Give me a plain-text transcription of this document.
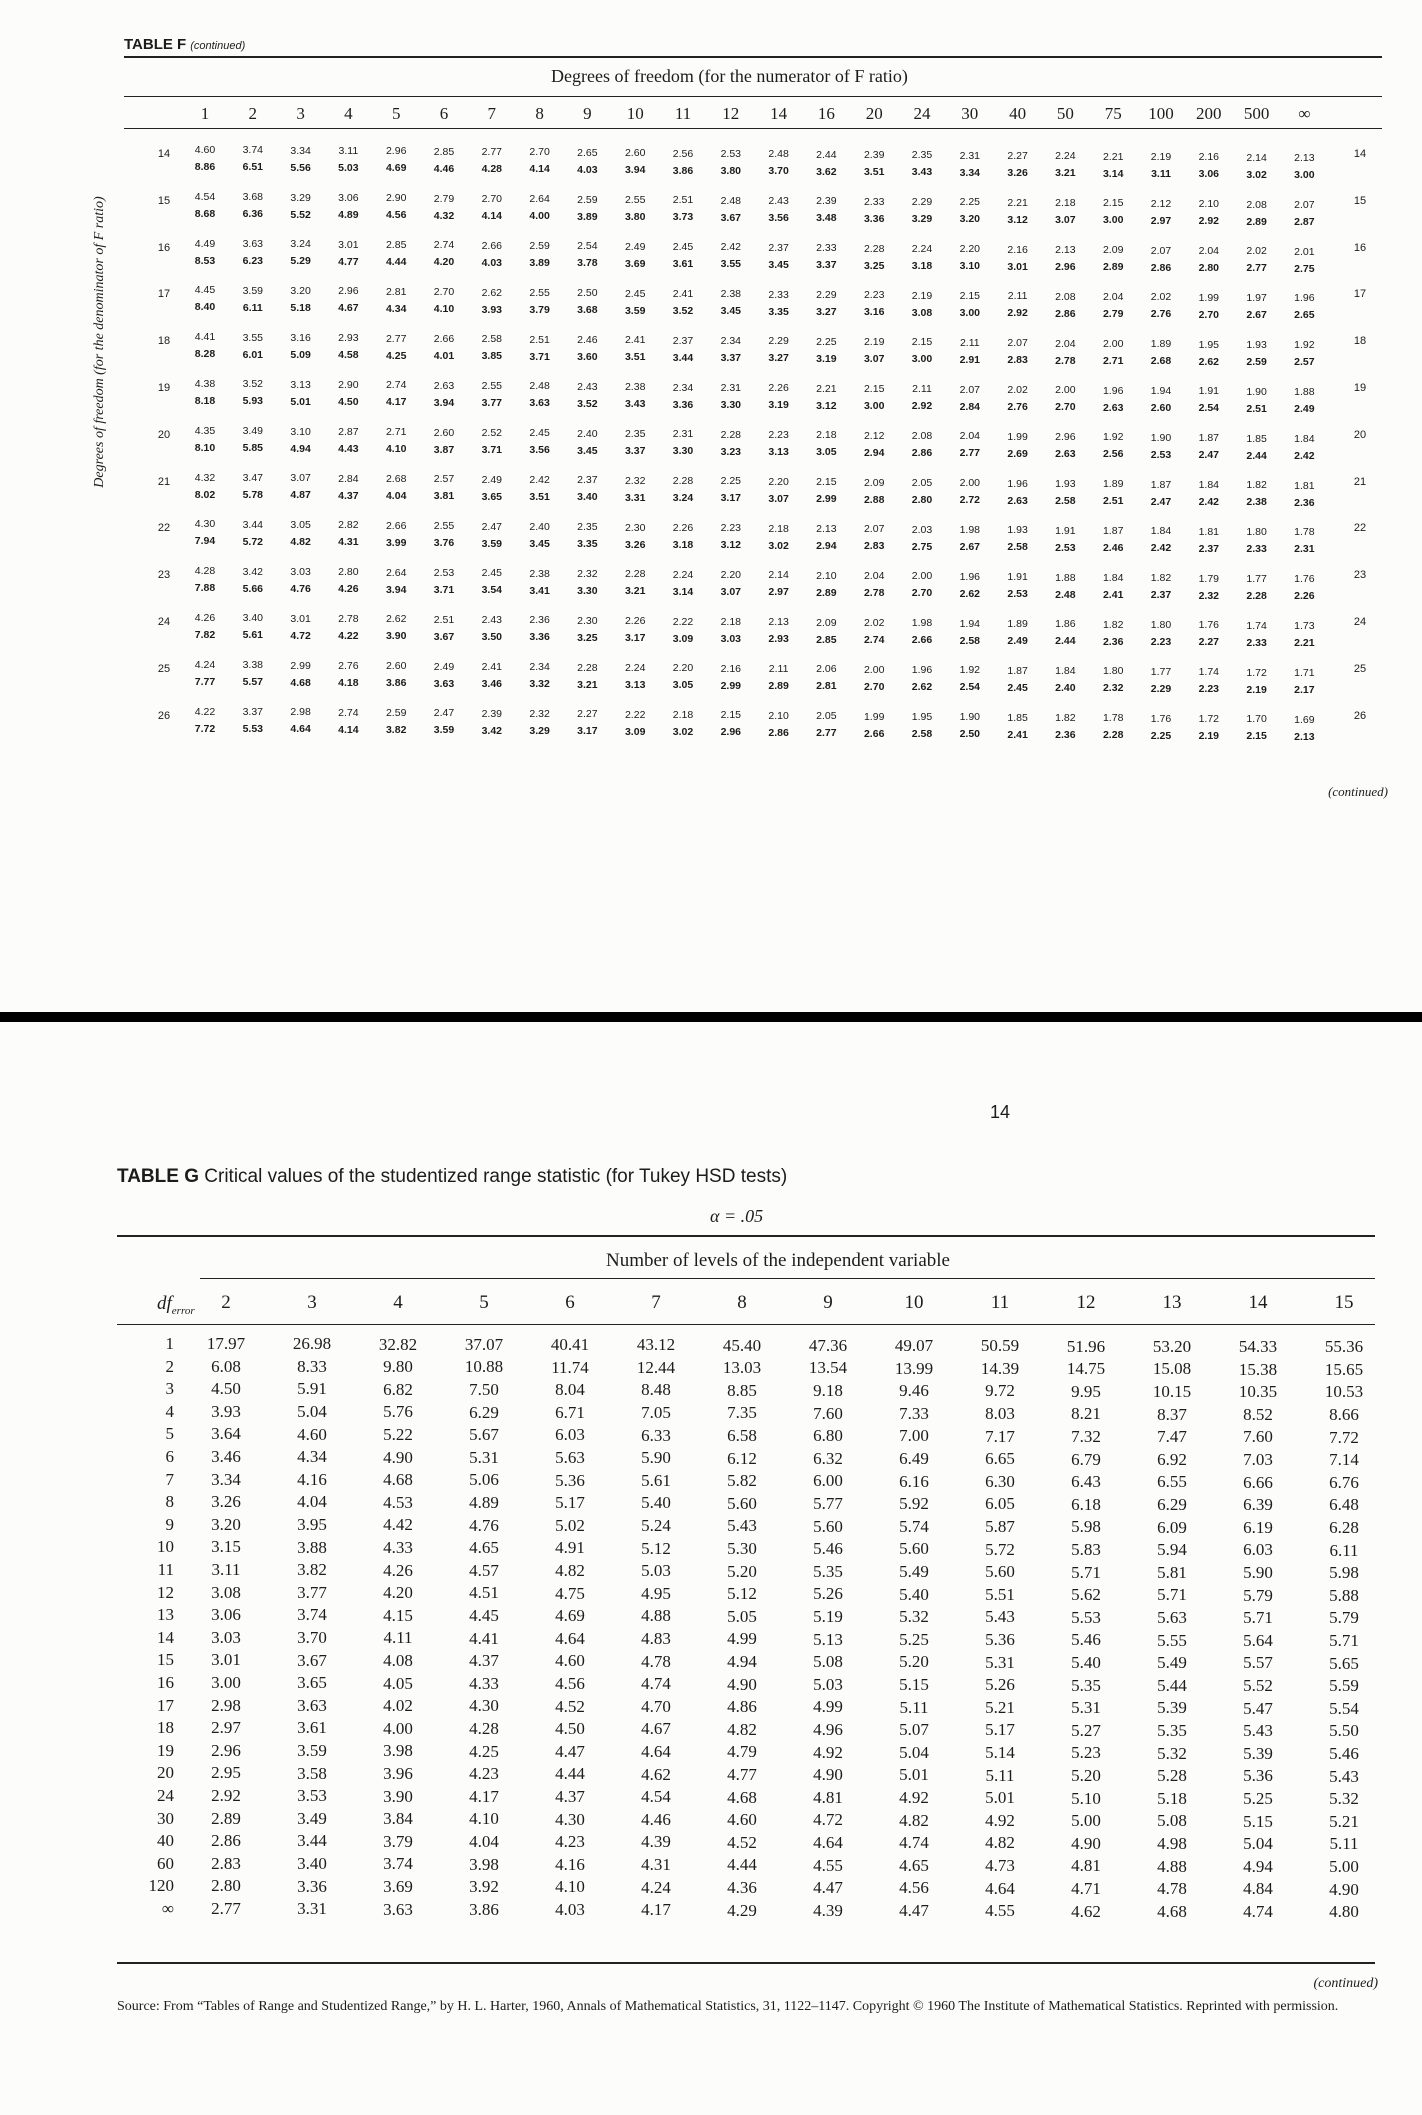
TABLE F (continued)
Degrees of freedom (for the numerator of F ratio)
Degrees of freedom (for the denominator of F ratio)
1 2 3 4 5 6 7 8 9 10 11 12 14 16 20 24 30 40 50 75 100 200 500 ∞
14	14
4.60	3.74	3.34	3.11	2.96	2.85	2.77	2.70	2.65	2.60	2.56	2.53	2.48	2.44	2.39	2.35	2.31	2.27	2.24	2.21	2.19	2.16	2.14	2.13
8.86	6.51	5.56	5.03	4.69	4.46	4.28	4.14	4.03	3.94	3.86	3.80	3.70	3.62	3.51	3.43	3.34	3.26	3.21	3.14	3.11	3.06	3.02	3.00
15	15
4.54	3.68	3.29	3.06	2.90	2.79	2.70	2.64	2.59	2.55	2.51	2.48	2.43	2.39	2.33	2.29	2.25	2.21	2.18	2.15	2.12	2.10	2.08	2.07
8.68	6.36	5.52	4.89	4.56	4.32	4.14	4.00	3.89	3.80	3.73	3.67	3.56	3.48	3.36	3.29	3.20	3.12	3.07	3.00	2.97	2.92	2.89	2.87
16	16
4.49	3.63	3.24	3.01	2.85	2.74	2.66	2.59	2.54	2.49	2.45	2.42	2.37	2.33	2.28	2.24	2.20	2.16	2.13	2.09	2.07	2.04	2.02	2.01
8.53	6.23	5.29	4.77	4.44	4.20	4.03	3.89	3.78	3.69	3.61	3.55	3.45	3.37	3.25	3.18	3.10	3.01	2.96	2.89	2.86	2.80	2.77	2.75
17	17
4.45	3.59	3.20	2.96	2.81	2.70	2.62	2.55	2.50	2.45	2.41	2.38	2.33	2.29	2.23	2.19	2.15	2.11	2.08	2.04	2.02	1.99	1.97	1.96
8.40	6.11	5.18	4.67	4.34	4.10	3.93	3.79	3.68	3.59	3.52	3.45	3.35	3.27	3.16	3.08	3.00	2.92	2.86	2.79	2.76	2.70	2.67	2.65
18	18
4.41	3.55	3.16	2.93	2.77	2.66	2.58	2.51	2.46	2.41	2.37	2.34	2.29	2.25	2.19	2.15	2.11	2.07	2.04	2.00	1.89	1.95	1.93	1.92
8.28	6.01	5.09	4.58	4.25	4.01	3.85	3.71	3.60	3.51	3.44	3.37	3.27	3.19	3.07	3.00	2.91	2.83	2.78	2.71	2.68	2.62	2.59	2.57
19	19
4.38	3.52	3.13	2.90	2.74	2.63	2.55	2.48	2.43	2.38	2.34	2.31	2.26	2.21	2.15	2.11	2.07	2.02	2.00	1.96	1.94	1.91	1.90	1.88
8.18	5.93	5.01	4.50	4.17	3.94	3.77	3.63	3.52	3.43	3.36	3.30	3.19	3.12	3.00	2.92	2.84	2.76	2.70	2.63	2.60	2.54	2.51	2.49
20	20
4.35	3.49	3.10	2.87	2.71	2.60	2.52	2.45	2.40	2.35	2.31	2.28	2.23	2.18	2.12	2.08	2.04	1.99	2.96	1.92	1.90	1.87	1.85	1.84
8.10	5.85	4.94	4.43	4.10	3.87	3.71	3.56	3.45	3.37	3.30	3.23	3.13	3.05	2.94	2.86	2.77	2.69	2.63	2.56	2.53	2.47	2.44	2.42
21	21
4.32	3.47	3.07	2.84	2.68	2.57	2.49	2.42	2.37	2.32	2.28	2.25	2.20	2.15	2.09	2.05	2.00	1.96	1.93	1.89	1.87	1.84	1.82	1.81
8.02	5.78	4.87	4.37	4.04	3.81	3.65	3.51	3.40	3.31	3.24	3.17	3.07	2.99	2.88	2.80	2.72	2.63	2.58	2.51	2.47	2.42	2.38	2.36
22	22
4.30	3.44	3.05	2.82	2.66	2.55	2.47	2.40	2.35	2.30	2.26	2.23	2.18	2.13	2.07	2.03	1.98	1.93	1.91	1.87	1.84	1.81	1.80	1.78
7.94	5.72	4.82	4.31	3.99	3.76	3.59	3.45	3.35	3.26	3.18	3.12	3.02	2.94	2.83	2.75	2.67	2.58	2.53	2.46	2.42	2.37	2.33	2.31
23	23
4.28	3.42	3.03	2.80	2.64	2.53	2.45	2.38	2.32	2.28	2.24	2.20	2.14	2.10	2.04	2.00	1.96	1.91	1.88	1.84	1.82	1.79	1.77	1.76
7.88	5.66	4.76	4.26	3.94	3.71	3.54	3.41	3.30	3.21	3.14	3.07	2.97	2.89	2.78	2.70	2.62	2.53	2.48	2.41	2.37	2.32	2.28	2.26
24	24
4.26	3.40	3.01	2.78	2.62	2.51	2.43	2.36	2.30	2.26	2.22	2.18	2.13	2.09	2.02	1.98	1.94	1.89	1.86	1.82	1.80	1.76	1.74	1.73
7.82	5.61	4.72	4.22	3.90	3.67	3.50	3.36	3.25	3.17	3.09	3.03	2.93	2.85	2.74	2.66	2.58	2.49	2.44	2.36	2.23	2.27	2.33	2.21
25	25
4.24	3.38	2.99	2.76	2.60	2.49	2.41	2.34	2.28	2.24	2.20	2.16	2.11	2.06	2.00	1.96	1.92	1.87	1.84	1.80	1.77	1.74	1.72	1.71
7.77	5.57	4.68	4.18	3.86	3.63	3.46	3.32	3.21	3.13	3.05	2.99	2.89	2.81	2.70	2.62	2.54	2.45	2.40	2.32	2.29	2.23	2.19	2.17
26	26
4.22	3.37	2.98	2.74	2.59	2.47	2.39	2.32	2.27	2.22	2.18	2.15	2.10	2.05	1.99	1.95	1.90	1.85	1.82	1.78	1.76	1.72	1.70	1.69
7.72	5.53	4.64	4.14	3.82	3.59	3.42	3.29	3.17	3.09	3.02	2.96	2.86	2.77	2.66	2.58	2.50	2.41	2.36	2.28	2.25	2.19	2.15	2.13
(continued)
14
TABLE G Critical values of the studentized range statistic (for Tukey HSD tests)
α = .05
Number of levels of the independent variable
$df_{error}$ 2	3	4	5	6	7	8	9	10	11	12	13	14	15
1 17.97	26.98	32.82	37.07	40.41	43.12	45.40	47.36	49.07	50.59	51.96	53.20	54.33	55.36
2 6.08	8.33	9.80	10.88	11.74	12.44	13.03	13.54	13.99	14.39	14.75	15.08	15.38	15.65
3 4.50	5.91	6.82	7.50	8.04	8.48	8.85	9.18	9.46	9.72	9.95	10.15	10.35	10.53
4 3.93	5.04	5.76	6.29	6.71	7.05	7.35	7.60	7.33	8.03	8.21	8.37	8.52	8.66
5 3.64	4.60	5.22	5.67	6.03	6.33	6.58	6.80	7.00	7.17	7.32	7.47	7.60	7.72
6 3.46	4.34	4.90	5.31	5.63	5.90	6.12	6.32	6.49	6.65	6.79	6.92	7.03	7.14
7 3.34	4.16	4.68	5.06	5.36	5.61	5.82	6.00	6.16	6.30	6.43	6.55	6.66	6.76
8 3.26	4.04	4.53	4.89	5.17	5.40	5.60	5.77	5.92	6.05	6.18	6.29	6.39	6.48
9 3.20	3.95	4.42	4.76	5.02	5.24	5.43	5.60	5.74	5.87	5.98	6.09	6.19	6.28
10 3.15	3.88	4.33	4.65	4.91	5.12	5.30	5.46	5.60	5.72	5.83	5.94	6.03	6.11
11 3.11	3.82	4.26	4.57	4.82	5.03	5.20	5.35	5.49	5.60	5.71	5.81	5.90	5.98
12 3.08	3.77	4.20	4.51	4.75	4.95	5.12	5.26	5.40	5.51	5.62	5.71	5.79	5.88
13 3.06	3.74	4.15	4.45	4.69	4.88	5.05	5.19	5.32	5.43	5.53	5.63	5.71	5.79
14 3.03	3.70	4.11	4.41	4.64	4.83	4.99	5.13	5.25	5.36	5.46	5.55	5.64	5.71
15 3.01	3.67	4.08	4.37	4.60	4.78	4.94	5.08	5.20	5.31	5.40	5.49	5.57	5.65
16 3.00	3.65	4.05	4.33	4.56	4.74	4.90	5.03	5.15	5.26	5.35	5.44	5.52	5.59
17 2.98	3.63	4.02	4.30	4.52	4.70	4.86	4.99	5.11	5.21	5.31	5.39	5.47	5.54
18 2.97	3.61	4.00	4.28	4.50	4.67	4.82	4.96	5.07	5.17	5.27	5.35	5.43	5.50
19 2.96	3.59	3.98	4.25	4.47	4.64	4.79	4.92	5.04	5.14	5.23	5.32	5.39	5.46
20 2.95	3.58	3.96	4.23	4.44	4.62	4.77	4.90	5.01	5.11	5.20	5.28	5.36	5.43
24 2.92	3.53	3.90	4.17	4.37	4.54	4.68	4.81	4.92	5.01	5.10	5.18	5.25	5.32
30 2.89	3.49	3.84	4.10	4.30	4.46	4.60	4.72	4.82	4.92	5.00	5.08	5.15	5.21
40 2.86	3.44	3.79	4.04	4.23	4.39	4.52	4.64	4.74	4.82	4.90	4.98	5.04	5.11
60 2.83	3.40	3.74	3.98	4.16	4.31	4.44	4.55	4.65	4.73	4.81	4.88	4.94	5.00
120 2.80	3.36	3.69	3.92	4.10	4.24	4.36	4.47	4.56	4.64	4.71	4.78	4.84	4.90
∞ 2.77	3.31	3.63	3.86	4.03	4.17	4.29	4.39	4.47	4.55	4.62	4.68	4.74	4.80
(continued)
Source: From “Tables of Range and Studentized Range,” by H. L. Harter, 1960, Annals of Mathematical Statistics, 31, 1122–1147. Copyright © 1960 The Institute of Mathematical Statistics. Reprinted with permission.
